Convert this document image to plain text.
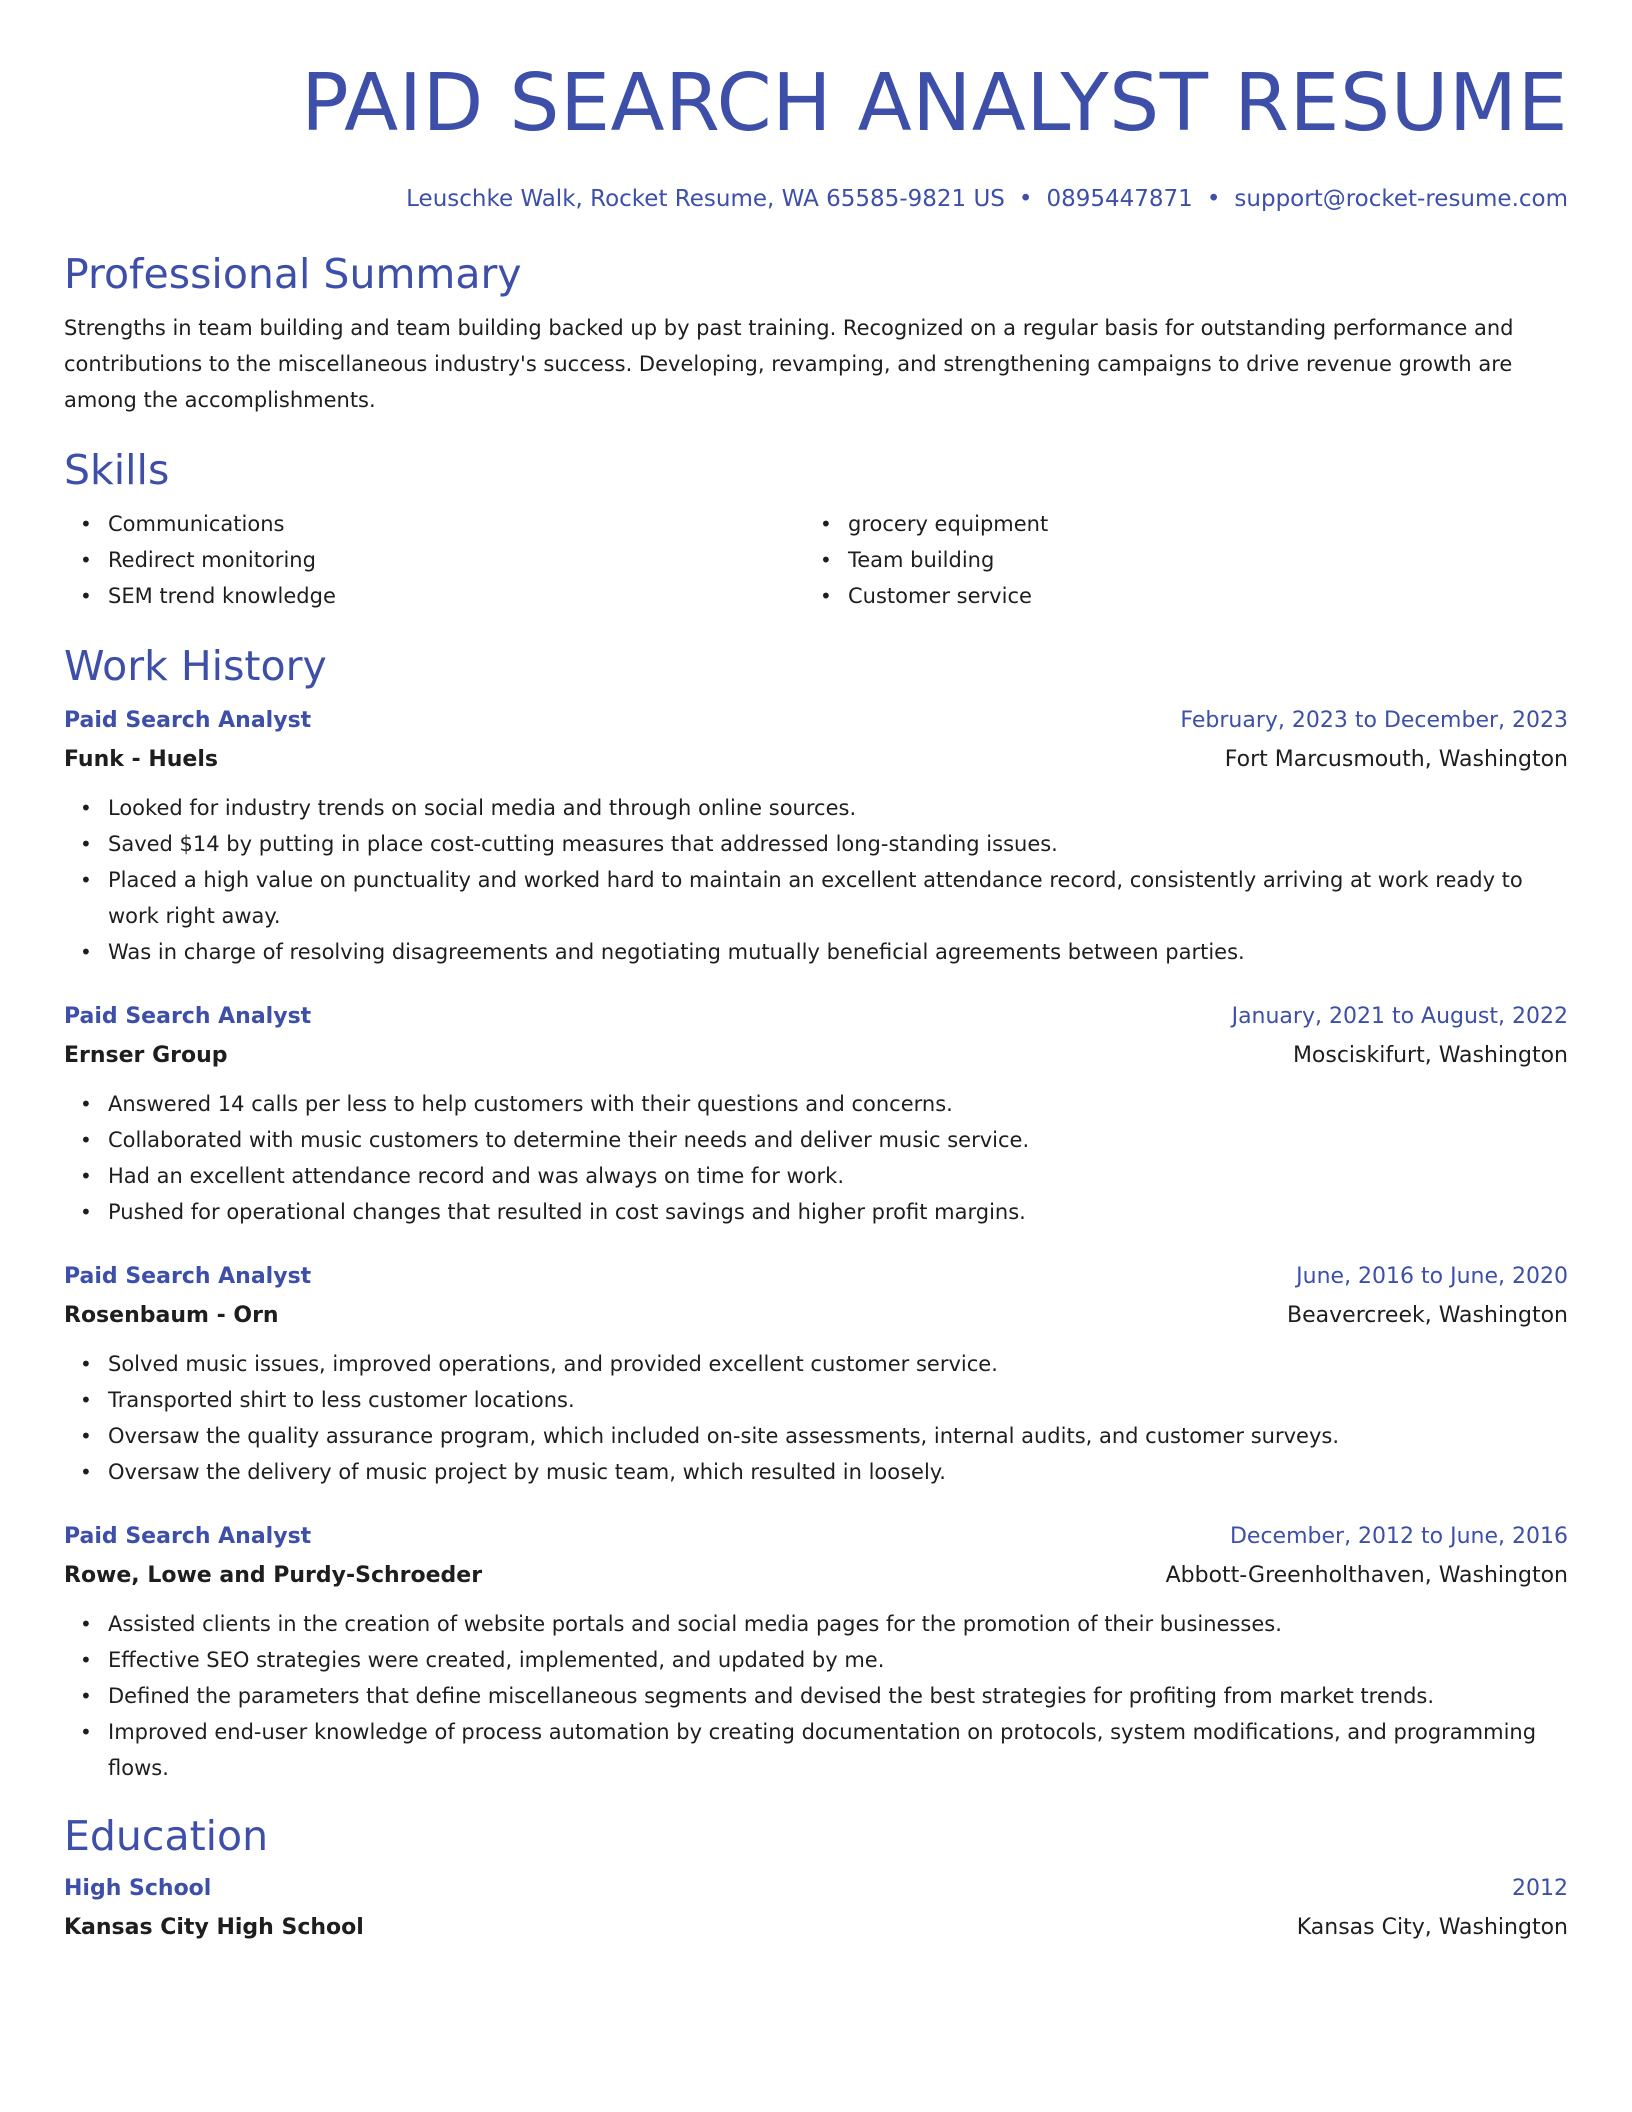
PAID SEARCH ANALYST RESUME
Leuschke Walk, Rocket Resume, WA 65585-9821 US • 0895447871 • support@rocket-resume.com
Professional Summary
Strengths in team building and team building backed up by past training. Recognized on a regular basis for outstanding performance and contributions to the miscellaneous industry's success. Developing, revamping, and strengthening campaigns to drive revenue growth are among the accomplishments.
Skills
• Communications
• Redirect monitoring
• SEM trend knowledge
• grocery equipment
• Team building
• Customer service
Work History
Paid Search Analyst	February, 2023 to December, 2023
Funk - Huels	Fort Marcusmouth, Washington
• Looked for industry trends on social media and through online sources.
• Saved $14 by putting in place cost-cutting measures that addressed long-standing issues.
• Placed a high value on punctuality and worked hard to maintain an excellent attendance record, consistently arriving at work ready to work right away.
• Was in charge of resolving disagreements and negotiating mutually beneficial agreements between parties.
Paid Search Analyst	January, 2021 to August, 2022
Ernser Group	Mosciskifurt, Washington
• Answered 14 calls per less to help customers with their questions and concerns.
• Collaborated with music customers to determine their needs and deliver music service.
• Had an excellent attendance record and was always on time for work.
• Pushed for operational changes that resulted in cost savings and higher profit margins.
Paid Search Analyst	June, 2016 to June, 2020
Rosenbaum - Orn	Beavercreek, Washington
• Solved music issues, improved operations, and provided excellent customer service.
• Transported shirt to less customer locations.
• Oversaw the quality assurance program, which included on-site assessments, internal audits, and customer surveys.
• Oversaw the delivery of music project by music team, which resulted in loosely.
Paid Search Analyst	December, 2012 to June, 2016
Rowe, Lowe and Purdy-Schroeder	Abbott-Greenholthaven, Washington
• Assisted clients in the creation of website portals and social media pages for the promotion of their businesses.
• Effective SEO strategies were created, implemented, and updated by me.
• Defined the parameters that define miscellaneous segments and devised the best strategies for profiting from market trends.
• Improved end-user knowledge of process automation by creating documentation on protocols, system modifications, and programming flows.
Education
High School	2012
Kansas City High School	Kansas City, Washington
